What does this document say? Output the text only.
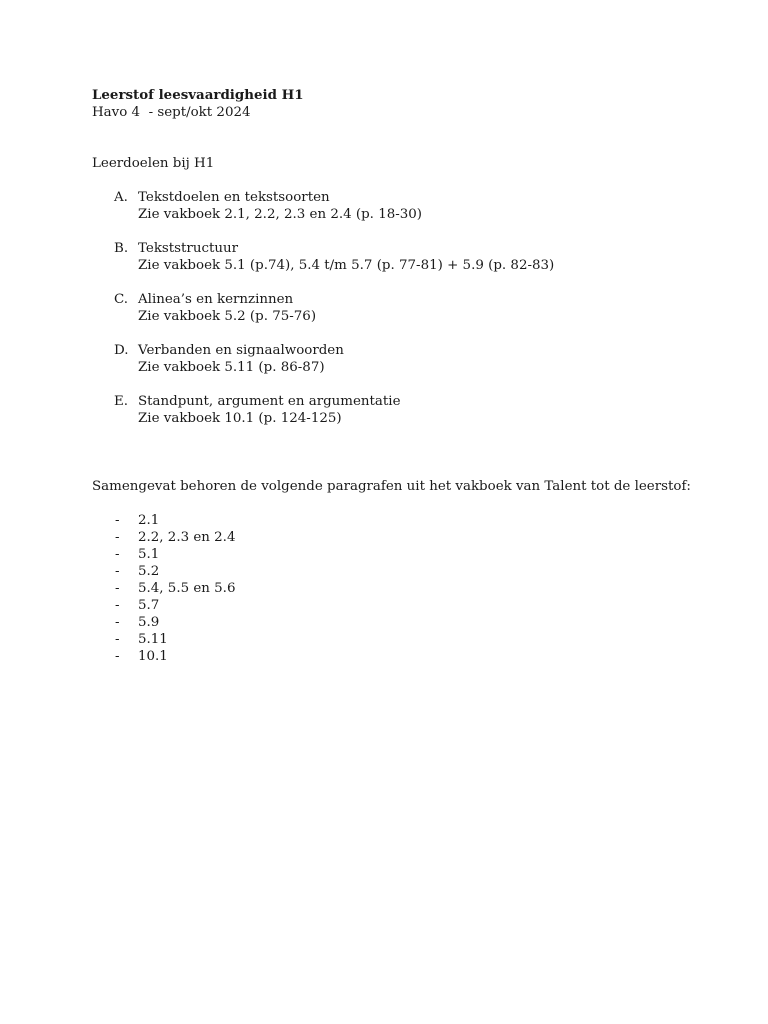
Leerstof leesvaardigheid H1
Havo 4  - sept/okt 2024
Leerdoelen bij H1
A. Tekstdoelen en tekstsoorten
Zie vakboek 2.1, 2.2, 2.3 en 2.4 (p. 18-30)
B. Tekststructuur
Zie vakboek 5.1 (p.74), 5.4 t/m 5.7 (p. 77-81) + 5.9 (p. 82-83)
C. Alinea’s en kernzinnen
Zie vakboek 5.2 (p. 75-76)
D. Verbanden en signaalwoorden
Zie vakboek 5.11 (p. 86-87)
E. Standpunt, argument en argumentatie
Zie vakboek 10.1 (p. 124-125)
Samengevat behoren de volgende paragrafen uit het vakboek van Talent tot de leerstof:
- 2.1
- 2.2, 2.3 en 2.4
- 5.1
- 5.2
- 5.4, 5.5 en 5.6
- 5.7
- 5.9
- 5.11
- 10.1
